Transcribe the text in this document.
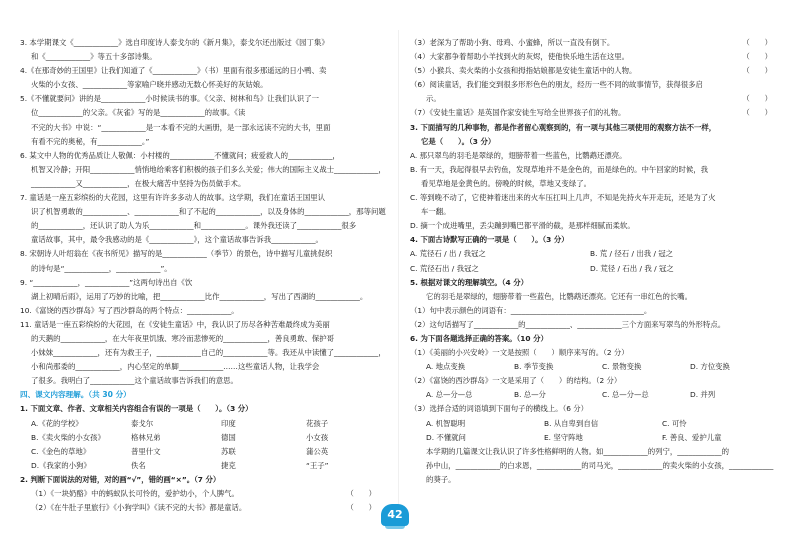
3. 本学期课文《____________》选自印度诗人泰戈尔的《新月集》，泰戈尔还出版过《园丁集》
和《____________》等五十多部诗集。
4.《在那奇妙的王国里》让我们知道了《____________》（书）里面有很多那遥远的日小鸭、卖
火柴的小女孩、____________等家喻户晓并感动无数心怀美好的灰姑娘。
5.《不懂就要问》讲的是____________小时候读书的事。《父亲、树林和鸟》让我们认识了一
位____________的父亲。《灰雀》写的是____________的故事。《读
不完的大书》中说：“____________是一本看不完的大画册，是一部永远读不完的大书，里面
有看不完的奥秘，有____________。”
6. 某文中人物的优秀品质让人敬佩：小村楼的____________不懂就问；疲爱救人的____________，
机智又冷静；开阳____________悄悄地给乘客们积极的孩子们多么关爱；伟大的国际主义战士____________，
____________又____________，在极大痛苦中坚持为伤员做手术。
7. 童话是一座五彩缤纷的大花园，这里有许许多多动人的故事。这学期，我们在童话王国里认
识了机智勇敢的____________、____________和了不起的____________，以及身体的____________，那等问题
的____________，还认识了助人为乐____________和____________。课外我还读了____________很多
童话故事，其中，最令我感动的是《____________》，这个童话故事告诉我____________。
8. 宋朝诗人叶绍翁在《夜书所见》描写的是____________（季节）的景色，诗中描写儿童挑促织
的诗句是“____________，____________”。
9. “____________，____________”这两句诗出自《饮
湖上初晴后雨》，运用了巧妙的比喻，把____________比作____________，写出了西湖的____________。
10.《富饶的西沙群岛》写了西沙群岛的两个特点：____________。
11. 童话是一座五彩缤纷的大花园，在《安徒生童话》中，我认识了历尽各种苦难最终成为美丽
的天鹅的____________，在大年夜里饥饿、寒冷而悲惨死的____________，善良勇敢、保护哥
小妹妹____________，还有为救王子，____________自己的____________等。我还从中读懂了____________，
小和尚那委的____________，内心坚定的单脚____________……这些童话人物，让我学会
了很多。我明白了____________这个童话故事告诉我们的意思。
四、课文内容理解。（共 30 分）
1. 下面文章、作者、文章相关内容组合有误的一项是（　　）。（3 分）
A.《花的学校》	泰戈尔	印度	花孩子
B.《卖火柴的小女孩》	格林兄弟	德国	小女孩
C.《金色的草地》	普里什文	苏联	蒲公英
D.《我家的小狗》	佚名	捷克	“王子”
2. 判断下面说法的对错，对的画“√”，错的画“×”。（7 分）
（1）《一块奶酪》中的蚂蚁队长可怜的，爱护幼小，个人脾气。	（　　）
（2）《在牛肚子里旅行》《小狗学叫》《读不完的大书》都是童话。	（　　）
（3）老深为了帮助小狗、母鸡、小蜜蜂，所以一直没有倒下。	（　　）
（4）大家都争着帮助小羊找到火的灰烬，使他快乐地生活在这里。	（　　）
（5）小猴兵、卖火柴的小女孩和拇指姑娘都是安徒生童话中的人物。	（　　）
（6）阅读童话，我们能交到很多形形色色的朋友，经历一些不同的故事情节，获得很多启
示。	（　　）
（7）《安徒生童话》是英国作家安徒生写给全世界孩子们的礼物。	（　　）
3. 下面描写的几种事物，都是作者留心观察到的，有一项与其他三项使用的观察方法不一样，
它是（　　）。（3 分）
A. 那只翠鸟的羽毛是翠绿的，翅膀带着一些蓝色，比鹦鹉还漂亮。
B. 有一天，我起得很早去钓鱼，发现草地并不是金色的，而是绿色的。中午回家的时候，我
看见草地是金黄色的。傍晚的时候，草地又变绿了。
C. 等到晚不动了，它使神着迷出来的火车压扛叫上几声，不知是先持火车开走玩，还是为了火
车一翻。
D. 摘一个成进嘴里，丢尖蹦到嘴巴都平滑的截，是那样细腻而柔软。
4. 下面古诗默写正确的一项是（　　）。（3 分）
A. 荒径石 / 出 / 我冠之	B. 荒 / 径石 / 出我 / 冠之
C. 荒径石出 / 我冠之	D. 荒径 / 石出 / 我 / 冠之
5. 根据对课文的理解填空。（4 分）
它的羽毛是翠绿的，翅膀带着一些蓝色，比鹦鹉还漂亮。它还有一串红色的长嘴。
（1）句中表示颜色的词语有：____________________________________。
（2）这句话描写了____________的____________、____________三个方面来写翠鸟的外形特点。
6. 为下面各题选择正确的答案。（10 分）
（1）《美丽的小兴安岭》一文是按照（　　）顺序来写的。（2 分）
A. 地点变换	B. 季节变换	C. 景物变换	D. 方位变换
（2）《富饶的西沙群岛》一文是采用了（　　）的结构。（2 分）
A. 总—分—总	B. 总—分	C. 总—分—总	D. 并列
（3）选择合适的词语填到下面句子的横线上。（6 分）
A. 机智聪明	B. 从自卑到自信	C. 可怜
D. 不懂就问	E. 坚守阵地	F. 善良、爱护儿童
本学期的几篇课文让我认识了许多性格鲜明的人物。如____________的列宁，____________的
孙中山，____________的白求恩，____________的司马光，____________的卖火柴的小女孩，____________
的葵子。
42
